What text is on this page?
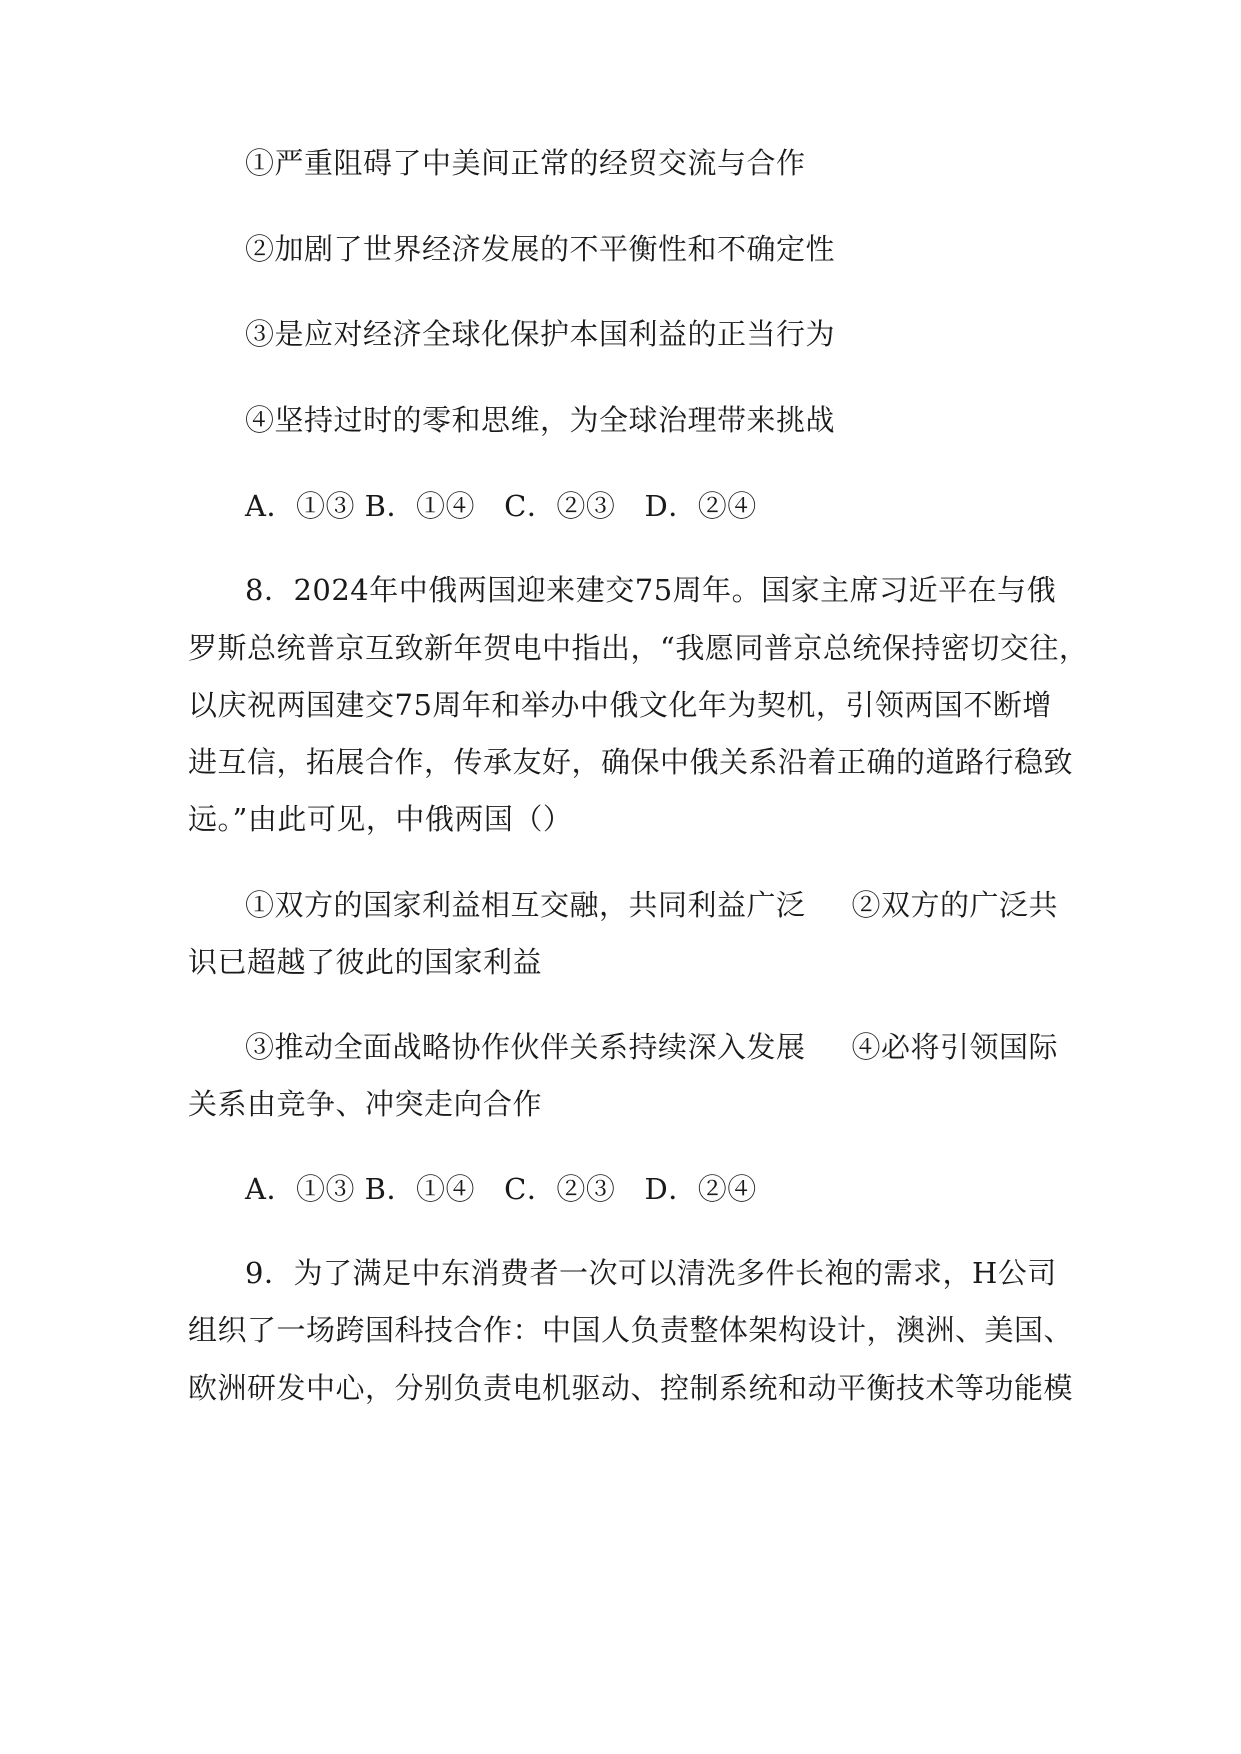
①严重阻碍了中美间正常的经贸交流与合作
②加剧了世界经济发展的不平衡性和不确定性
③是应对经济全球化保护本国利益的正当行为
④坚持过时的零和思维，为全球治理带来挑战
A．①③ B．①④   C．②③   D．②④
8．2024年中俄两国迎来建交75周年。国家主席习近平在与俄
罗斯总统普京互致新年贺电中指出，“我愿同普京总统保持密切交往，
以庆祝两国建交75周年和举办中俄文化年为契机，引领两国不断增
进互信，拓展合作，传承友好，确保中俄关系沿着正确的道路行稳致
远。”由此可见，中俄两国（）
①双方的国家利益相互交融，共同利益广泛 ②双方的广泛共
识已超越了彼此的国家利益
③推动全面战略协作伙伴关系持续深入发展 ④必将引领国际
关系由竞争、冲突走向合作
A．①③ B．①④   C．②③   D．②④
9．为了满足中东消费者一次可以清洗多件长袍的需求，H公司
组织了一场跨国科技合作：中国人负责整体架构设计，澳洲、美国、
欧洲研发中心，分别负责电机驱动、控制系统和动平衡技术等功能模
